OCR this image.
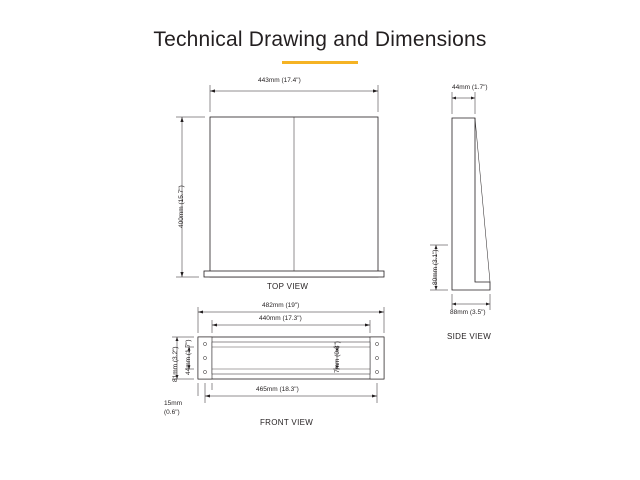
Technical Drawing and Dimensions
443mm (17.4")
400mm (15.7")
TOP VIEW
44mm (1.7")
80mm (3.1")
88mm (3.5")
SIDE VIEW
482mm (19")
440mm (17.3")
465mm (18.3")
81mm (3.2") 44mm (1.7")	7mm (0.3")
15mm
(0.6")
FRONT VIEW
